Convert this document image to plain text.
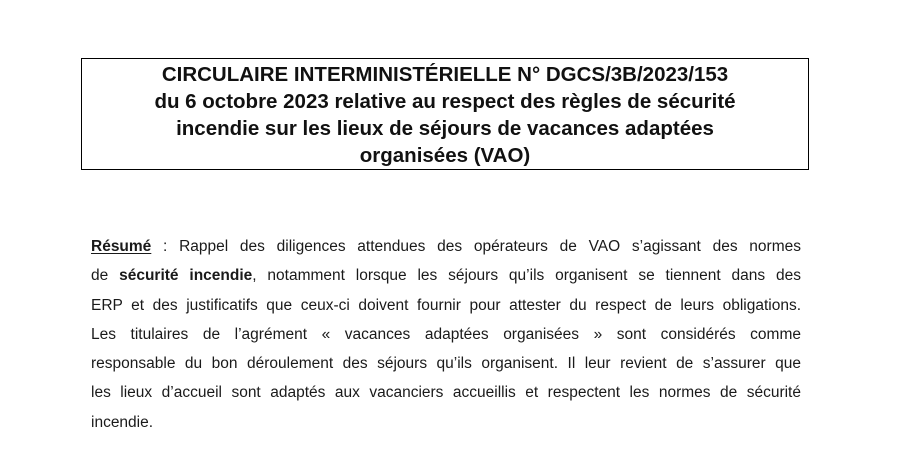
CIRCULAIRE INTERMINISTÉRIELLE N° DGCS/3B/2023/153
du 6 octobre 2023 relative au respect des règles de sécurité
incendie sur les lieux de séjours de vacances adaptées
organisées (VAO)
Résumé : Rappel des diligences attendues des opérateurs de VAO s’agissant des normes
de sécurité incendie, notamment lorsque les séjours qu’ils organisent se tiennent dans des
ERP et des justificatifs que ceux-ci doivent fournir pour attester du respect de leurs obligations.
Les titulaires de l’agrément « vacances adaptées organisées » sont considérés comme
responsable du bon déroulement des séjours qu’ils organisent. Il leur revient de s’assurer que
les lieux d’accueil sont adaptés aux vacanciers accueillis et respectent les normes de sécurité
incendie.
